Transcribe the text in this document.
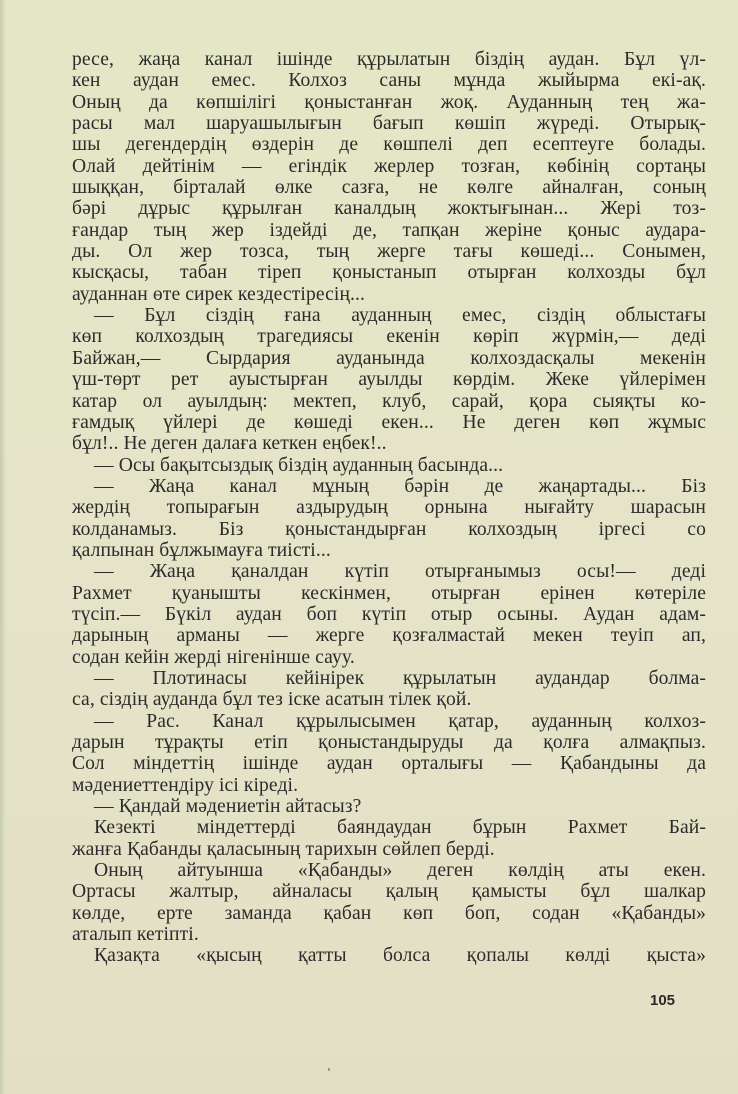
ресе, жаңа канал ішінде құрылатын біздің аудан. Бұл үл-
кен аудан емес. Колхоз саны мұнда жыйырма екі-ақ.
Оның да көпшілігі қоныстанған жоқ. Ауданның тең жа-
расы мал шаруашылығын бағып көшіп жүреді. Отырық-
шы дегендердің өздерін де көшпелі деп есептеуге болады.
Олай дейтінім — егіндік жерлер тозған, көбінің сортаңы
шыққан, бірталай өлке сазға, не көлге айналған, соның
бәрі дұрыс құрылған каналдың жоктығынан... Жері тоз-
ғандар тың жер іздейді де, тапқан жеріне қоныс аудара-
ды. Ол жер тозса, тың жерге тағы көшеді... Сонымен,
кысқасы, табан тіреп қоныстанып отырған колхозды бұл
ауданнан өте сирек кездестіресің...
— Бұл сіздің ғана ауданның емес, сіздің облыстағы
көп колхоздың трагедиясы екенін көріп жүрмін,— деді
Байжан,— Сырдария ауданында колхоздасқалы мекенін
үш-төрт рет ауыстырған ауылды көрдім. Жеке үйлерімен
катар ол ауылдың: мектеп, клуб, сарай, қора сыяқты ко-
ғамдық үйлері де көшеді екен... Не деген көп жұмыс
бұл!.. Не деген далаға кеткен еңбек!..
— Осы бақытсыздық біздің ауданның басында...
— Жаңа канал мұның бәрін де жаңартады... Біз
жердің топырағын аздырудың орнына нығайту шарасын
колданамыз. Біз қоныстандырған колхоздың іргесі со
қалпынан бұлжымауға тиісті...
— Жаңа қаналдан күтіп отырғанымыз осы!— деді
Рахмет қуанышты кескінмен, отырған ерінен көтеріле
түсіп.— Бүкіл аудан боп күтіп отыр осыны. Аудан адам-
дарының арманы — жерге қозғалмастай мекен теуіп ап,
содан кейін жерді нігенінше сауу.
— Плотинасы кейінірек құрылатын аудандар болма-
са, сіздің ауданда бұл тез іске асатын тілек қой.
— Рас. Канал құрылысымен қатар, ауданның колхоз-
дарын тұрақты етіп қоныстандыруды да қолға алмақпыз.
Сол міндеттің ішінде аудан орталығы — Қабандыны да
мәдениеттендіру ісі кіреді.
— Қандай мәдениетін айтасыз?
Кезекті міндеттерді баяндаудан бұрын Рахмет Бай-
жанға Қабанды қаласының тарихын сөйлеп берді.
Оның айтуынша «Қабанды» деген көлдің аты екен.
Ортасы жалтыр, айналасы қалың қамысты бұл шалкар
көлде, ерте заманда қабан көп боп, содан «Қабанды»
аталып кетіпті.
Қазақта «қысың қатты болса қопалы көлді қыста»
105
